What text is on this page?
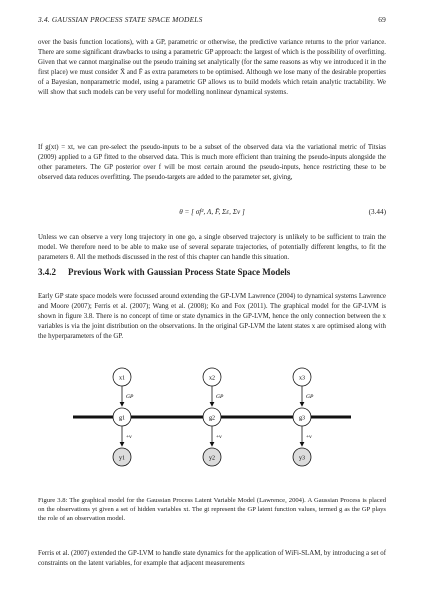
3.4. GAUSSIAN PROCESS STATE SPACE MODELS	69

over the basis function locations), with a GP, parametric or otherwise, the predictive variance returns to the prior variance. There are some significant drawbacks to using a parametric GP approach: the largest of which is the possibility of overfitting. Given that we cannot marginalise out the pseudo training set analytically (for the same reasons as why we introduced it in the first place) we must consider X̄ and F̄ as extra parameters to be optimised. Although we lose many of the desirable properties of a Bayesian, nonparametric model, using a parametric GP allows us to build models which retain analytic tractability. We will show that such models can be very useful for modelling nonlinear dynamical systems.

If g(xt) = xt, we can pre-select the pseudo-inputs to be a subset of the observed data via the variational metric of Titsias (2009) applied to a GP fitted to the observed data. This is much more efficient than training the pseudo-inputs alongside the other parameters. The GP posterior over f will be most certain around the pseudo-inputs, hence restricting these to be observed data reduces overfitting. The pseudo-targets are added to the parameter set, giving,

θ = [ σf², Λ, F̄, Σε, Σν ]	(3.44)

Unless we can observe a very long trajectory in one go, a single observed trajectory is unlikely to be sufficient to train the model. We therefore need to be able to make use of several separate trajectories, of potentially different lengths, to fit the parameters θ. All the methods discussed in the rest of this chapter can handle this situation.

3.4.2 Previous Work with Gaussian Process State Space Models

Early GP state space models were focussed around extending the GP-LVM Lawrence (2004) to dynamical systems Lawrence and Moore (2007); Ferris et al. (2007); Wang et al. (2008); Ko and Fox (2011). The graphical model for the GP-LVM is shown in figure 3.8. There is no concept of time or state dynamics in the GP-LVM, hence the only connection between the x variables is via the joint distribution on the observations. In the original GP-LVM the latent states x are optimised along with the hyperparameters of the GP.

x1
GP
g1
+ν
y1
x2
GP
g2
+ν
y2
x3
GP
g3
+ν
y3

Figure 3.8: The graphical model for the Gaussian Process Latent Variable Model (Lawrence, 2004). A Gaussian Process is placed on the observations yt given a set of hidden variables xt. The gt represent the GP latent function values, termed g as the GP plays the role of an observation model.

Ferris et al. (2007) extended the GP-LVM to handle state dynamics for the application of WiFi-SLAM, by introducing a set of constraints on the latent variables, for example that adjacent measurements
